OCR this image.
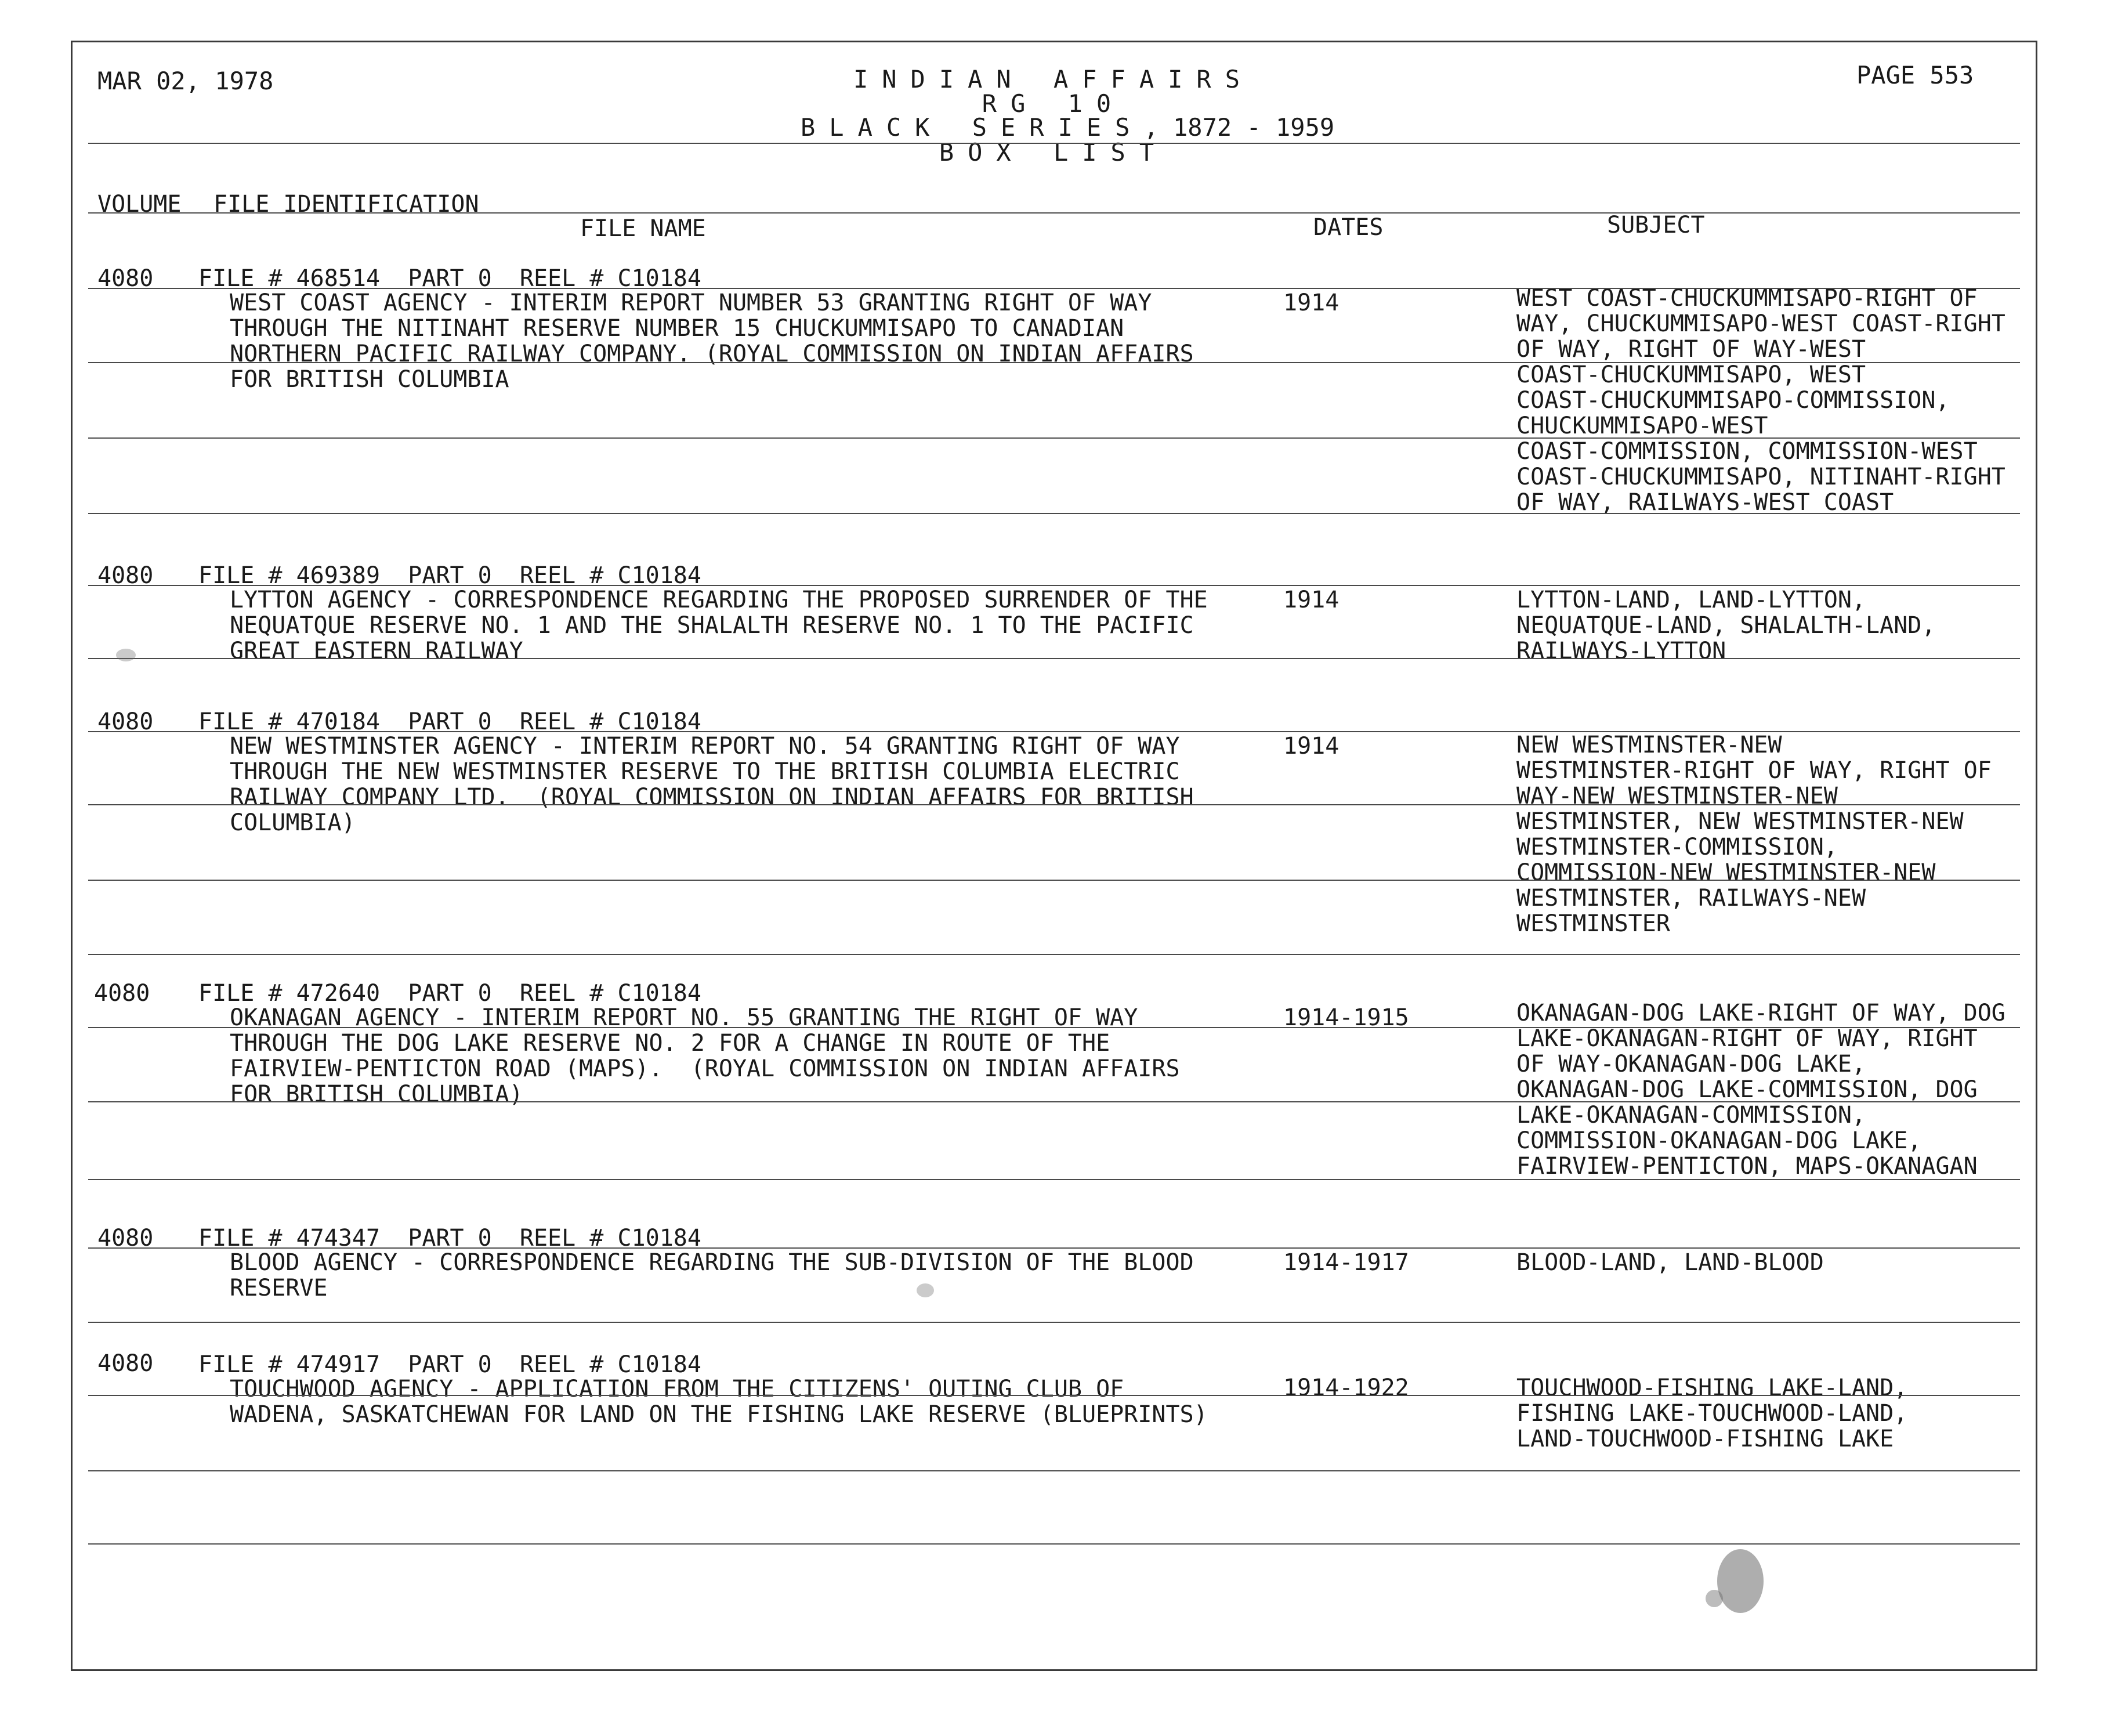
MAR 02, 1978	PAGE 553
INDIAN AFFAIRS
RG 10
BLACK SERIES, 1872 - 1959
BOX LIST
VOLUME FILE IDENTIFICATION
FILE NAME	DATES	SUBJECT
4080 FILE # 468514  PART 0  REEL # C10184
WEST COAST AGENCY - INTERIM REPORT NUMBER 53 GRANTING RIGHT OF WAY
THROUGH THE NITINAHT RESERVE NUMBER 15 CHUCKUMMISAPO TO CANADIAN
NORTHERN PACIFIC RAILWAY COMPANY. (ROYAL COMMISSION ON INDIAN AFFAIRS
FOR BRITISH COLUMBIA
1914	WEST COAST-CHUCKUMMISAPO-RIGHT OF
WAY, CHUCKUMMISAPO-WEST COAST-RIGHT
OF WAY, RIGHT OF WAY-WEST
COAST-CHUCKUMMISAPO, WEST
COAST-CHUCKUMMISAPO-COMMISSION,
CHUCKUMMISAPO-WEST
COAST-COMMISSION, COMMISSION-WEST
COAST-CHUCKUMMISAPO, NITINAHT-RIGHT
OF WAY, RAILWAYS-WEST COAST
4080 FILE # 469389  PART 0  REEL # C10184
LYTTON AGENCY - CORRESPONDENCE REGARDING THE PROPOSED SURRENDER OF THE
NEQUATQUE RESERVE NO. 1 AND THE SHALALTH RESERVE NO. 1 TO THE PACIFIC
GREAT EASTERN RAILWAY
1914	LYTTON-LAND, LAND-LYTTON,
NEQUATQUE-LAND, SHALALTH-LAND,
RAILWAYS-LYTTON
4080 FILE # 470184  PART 0  REEL # C10184
NEW WESTMINSTER AGENCY - INTERIM REPORT NO. 54 GRANTING RIGHT OF WAY
THROUGH THE NEW WESTMINSTER RESERVE TO THE BRITISH COLUMBIA ELECTRIC
RAILWAY COMPANY LTD.  (ROYAL COMMISSION ON INDIAN AFFAIRS FOR BRITISH
COLUMBIA)
1914	NEW WESTMINSTER-NEW
WESTMINSTER-RIGHT OF WAY, RIGHT OF
WAY-NEW WESTMINSTER-NEW
WESTMINSTER, NEW WESTMINSTER-NEW
WESTMINSTER-COMMISSION,
COMMISSION-NEW WESTMINSTER-NEW
WESTMINSTER, RAILWAYS-NEW
WESTMINSTER
4080 FILE # 472640  PART 0  REEL # C10184
OKANAGAN AGENCY - INTERIM REPORT NO. 55 GRANTING THE RIGHT OF WAY
THROUGH THE DOG LAKE RESERVE NO. 2 FOR A CHANGE IN ROUTE OF THE
FAIRVIEW-PENTICTON ROAD (MAPS).  (ROYAL COMMISSION ON INDIAN AFFAIRS
FOR BRITISH COLUMBIA)
1914-1915	OKANAGAN-DOG LAKE-RIGHT OF WAY, DOG
LAKE-OKANAGAN-RIGHT OF WAY, RIGHT
OF WAY-OKANAGAN-DOG LAKE,
OKANAGAN-DOG LAKE-COMMISSION, DOG
LAKE-OKANAGAN-COMMISSION,
COMMISSION-OKANAGAN-DOG LAKE,
FAIRVIEW-PENTICTON, MAPS-OKANAGAN
4080 FILE # 474347  PART 0  REEL # C10184
BLOOD AGENCY - CORRESPONDENCE REGARDING THE SUB-DIVISION OF THE BLOOD
RESERVE
1914-1917	BLOOD-LAND, LAND-BLOOD
4080 FILE # 474917  PART 0  REEL # C10184
TOUCHWOOD AGENCY - APPLICATION FROM THE CITIZENS' OUTING CLUB OF
WADENA, SASKATCHEWAN FOR LAND ON THE FISHING LAKE RESERVE (BLUEPRINTS)
1914-1922	TOUCHWOOD-FISHING LAKE-LAND,
FISHING LAKE-TOUCHWOOD-LAND,
LAND-TOUCHWOOD-FISHING LAKE
